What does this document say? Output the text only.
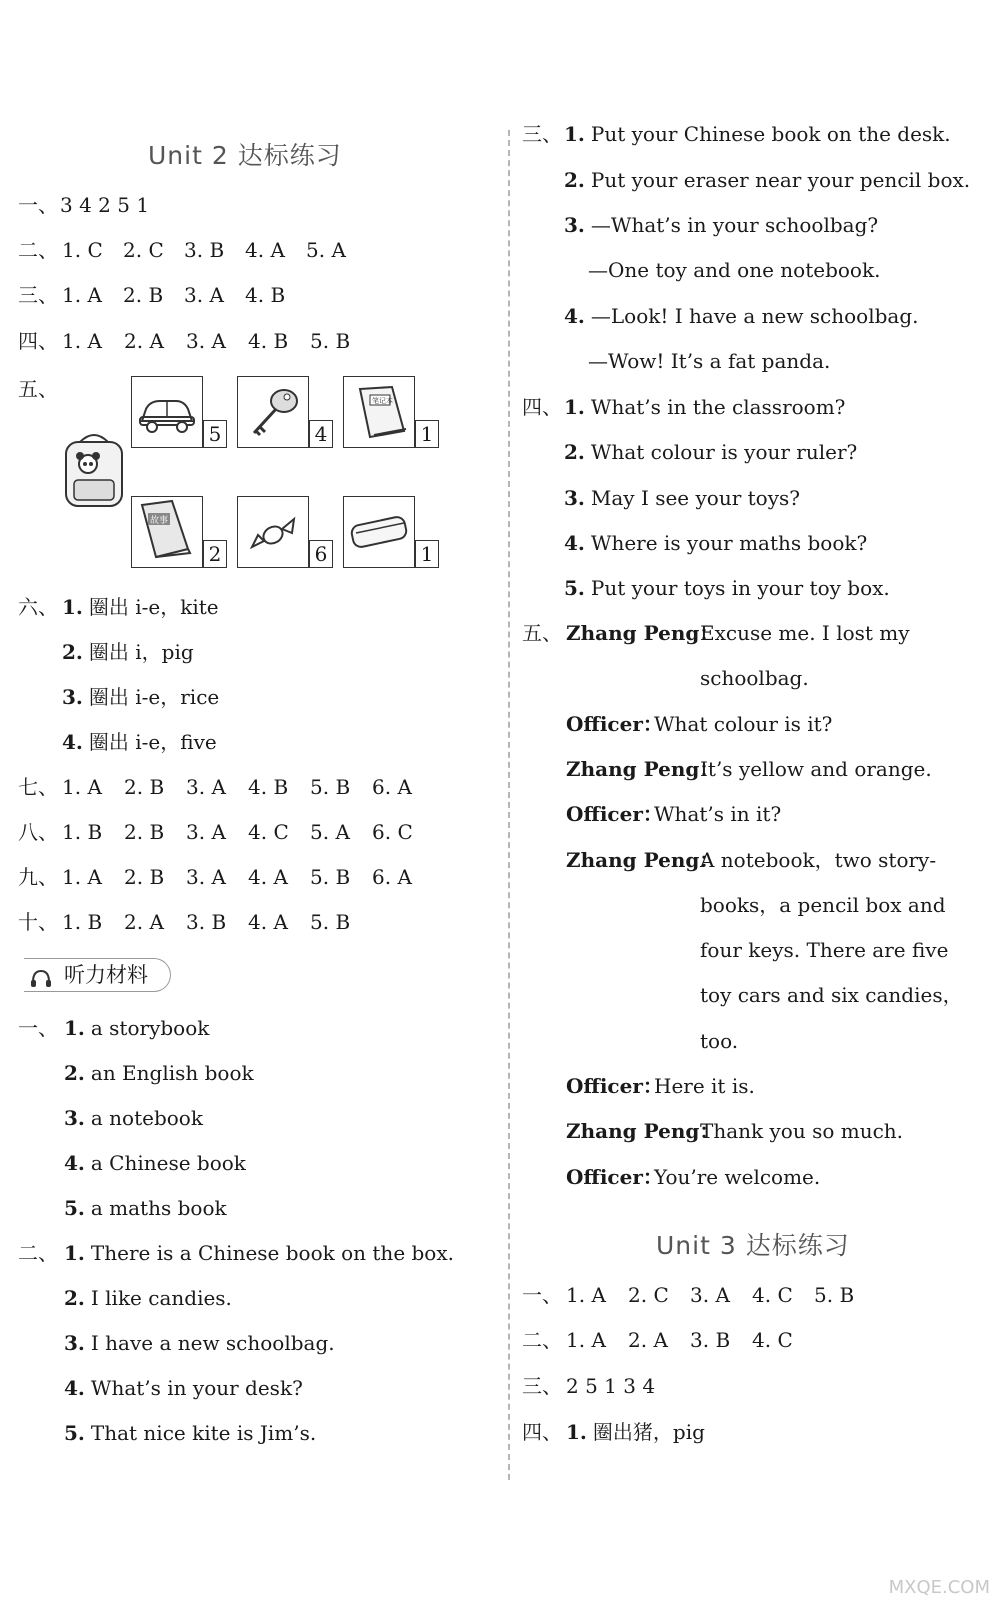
Unit 2 达标练习
一、 3 4 2 5 1
二、 1. C 2. C 3. B 4. A 5. A
三、 1. A 2. B 3. A 4. B
四、 1. A 2. A 3. A 4. B 5. B
五、
5	4
笔记本
1
故事
2	6	1
六、 1. 圈出 i-e，kite
2. 圈出 i，pig
3. 圈出 i-e，rice
4. 圈出 i-e，five
七、 1. A 2. B 3. A 4. B 5. B 6. A
八、 1. B 2. B 3. A 4. C 5. A 6. C
九、 1. A 2. B 3. A 4. A 5. B 6. A
十、 1. B 2. A 3. B 4. A 5. B
听力材料
一、 1. a storybook
2. an English book
3. a notebook
4. a Chinese book
5. a maths book
二、 1. There is a Chinese book on the box.
2. I like candies.
3. I have a new schoolbag.
4. What’s in your desk?
5. That nice kite is Jim’s.
三、 1. Put your Chinese book on the desk.
2. Put your eraser near your pencil box.
3. —What’s in your schoolbag?
—One toy and one notebook.
4. —Look! I have a new schoolbag.
—Wow! It’s a fat panda.
四、 1. What’s in the classroom?
2. What colour is your ruler?
3. May I see your toys?
4. Where is your maths book?
5. Put your toys in your toy box.
五、 Zhang Peng：
Excuse me. I lost my
schoolbag.
Officer：
What colour is it?
Zhang Peng：
It’s yellow and orange.
Officer：
What’s in it?
Zhang Peng：
A notebook，two story-
books，a pencil box and
four keys. There are five
toy cars and six candies，
too.
Officer：
Here it is.
Zhang Peng：
Thank you so much.
Officer：
You’re welcome.
Unit 3 达标练习
一、 1. A 2. C 3. A 4. C 5. B
二、 1. A 2. A 3. B 4. C
三、 2 5 1 3 4
四、 1. 圈出猪，pig
MXQE.COM
